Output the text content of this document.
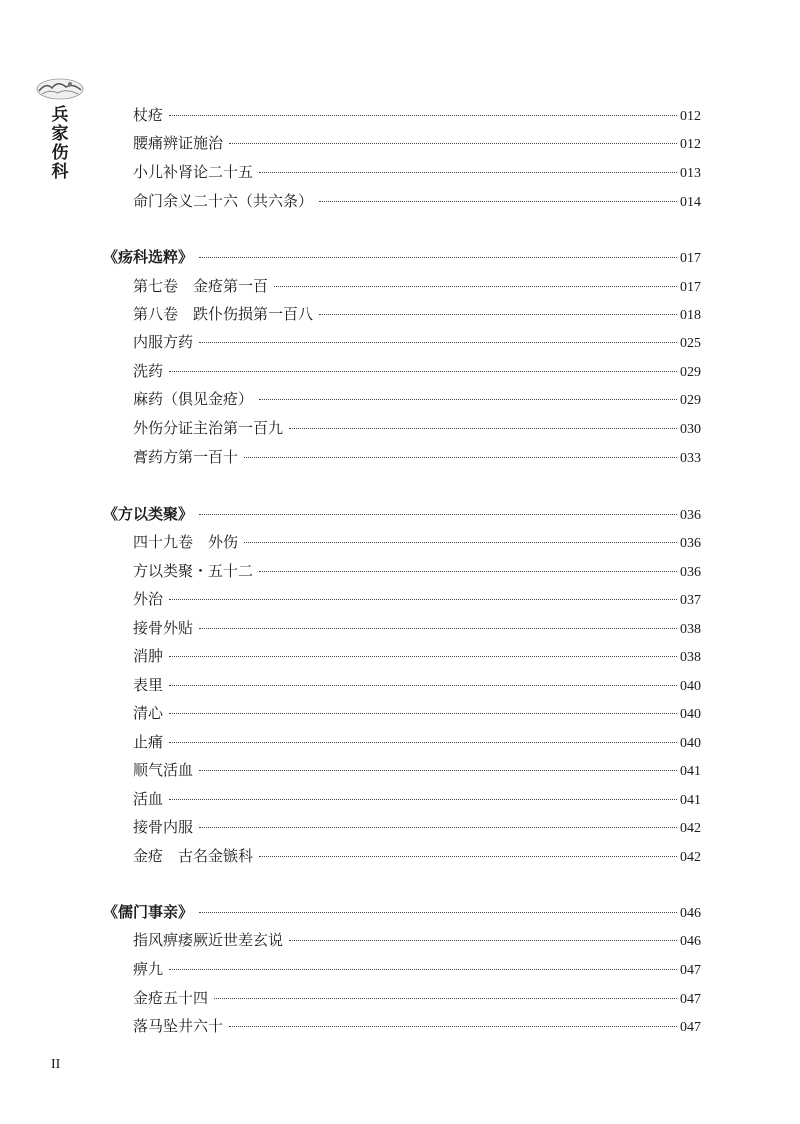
兵家伤科
杖疮	012
腰痛辨证施治	012
小儿补肾论二十五	013
命门余义二十六（共六条）	014
《疡科选粹》	017
第七卷　金疮第一百	017
第八卷　跌仆伤损第一百八	018
内服方药	025
洗药	029
麻药（俱见金疮）	029
外伤分证主治第一百九	030
膏药方第一百十	033
《方以类聚》	036
四十九卷　外伤	036
方以类聚・五十二	036
外治	037
接骨外贴	038
消肿	038
表里	040
清心	040
止痛	040
顺气活血	041
活血	041
接骨内服	042
金疮　古名金镞科	042
《儒门事亲》	046
指风痹痿厥近世差玄说	046
痹九	047
金疮五十四	047
落马坠井六十	047
II
